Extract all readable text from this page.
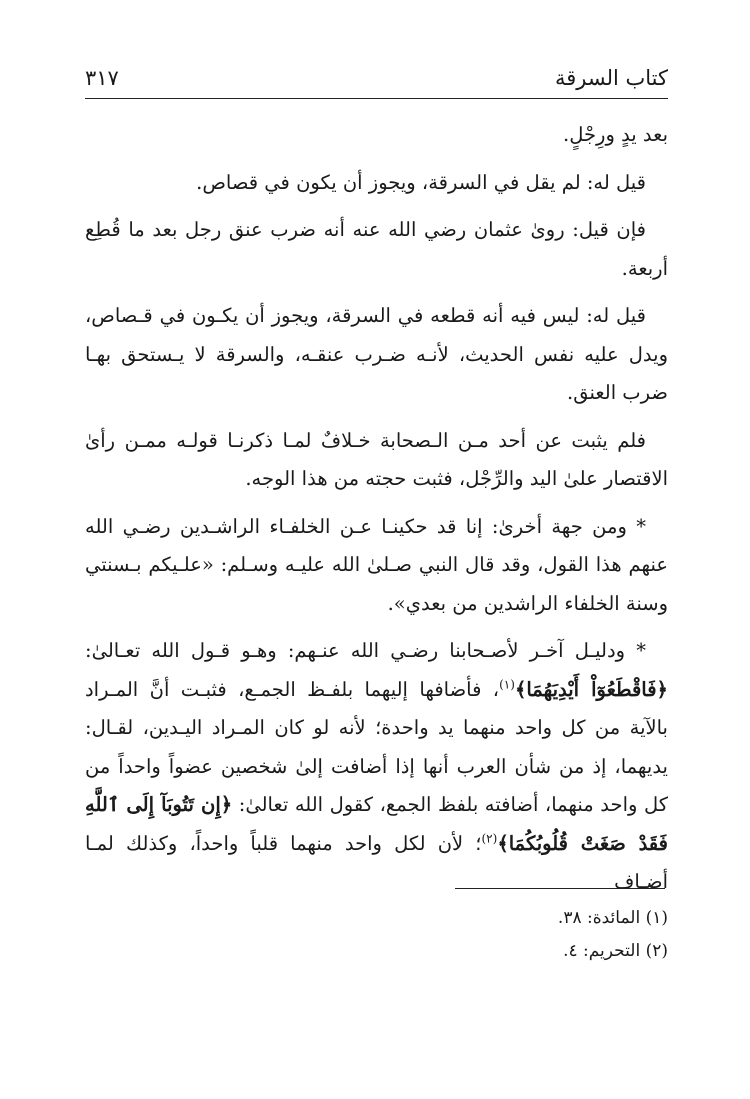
كتاب السرقة
٣١٧

بعد يدٍ ورِجْلٍ.

قيل له: لم يقل في السرقة، ويجوز أن يكون في قصاص.

فإن قيل: روىٰ عثمان رضي الله عنه أنه ضرب عنق رجل بعد ما قُطِع أربعة.

قيل له: ليس فيه أنه قطعه في السرقة، ويجوز أن يكـون في قـصاص، ويدل عليه نفس الحديث، لأنـه ضـرب عنقـه، والسرقة لا يـستحق بهـا ضرب العنق.

فلم يثبت عن أحد مـن الـصحابة خـلافٌ لمـا ذكرنـا قولـه ممـن رأىٰ الاقتصار علىٰ اليد والرِّجْل، فثبت حجته من هذا الوجه.

* ومن جهة أخرىٰ: إنا قد حكينـا عـن الخلفـاء الراشـدين رضـي الله عنهم هذا القول، وقد قال النبي صـلىٰ الله عليـه وسـلم: «علـيكم بـسنتي وسنة الخلفاء الراشدين من بعدي».

* ودليـل آخـر لأصـحابنا رضـي الله عنـهم: وهـو قـول الله تعـالىٰ: ﴿فَاقْطَعُوٓاْ أَيْدِيَهُمَا﴾$^{(١)}$، فأضافها إليهما بلفـظ الجمـع، فثبـت أنَّ المـراد بالآية من كل واحد منهما يد واحدة؛ لأنه لو كان المـراد اليـدين، لقـال: يديهما، إذ من شأن العرب أنها إذا أضافت إلىٰ شخصين عضواً واحداً من كل واحد منهما، أضافته بلفظ الجمع، كقول الله تعالىٰ: ﴿إِن تَتُوبَآ إِلَى ٱللَّهِ فَقَدْ صَغَتْ قُلُوبُكُمَا﴾$^{(٢)}$؛ لأن لكل واحد منهما قلباً واحداً، وكذلك لمـا أضـاف

(١) المائدة: ٣٨.
(٢) التحريم: ٤.
